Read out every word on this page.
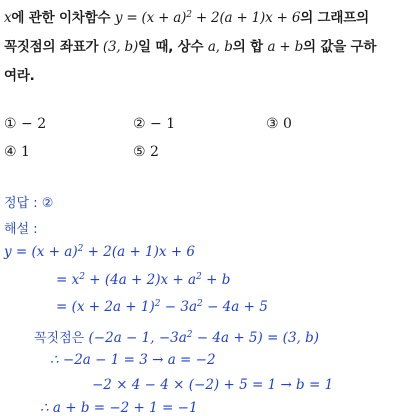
x에 관한 이차함수 $y = (x + a)^2 + 2(a + 1)x + 6$의 그래프의
꼭짓점의 좌표가 (3, b)일 때, 상수 a, b의 합 a + b의 값을 구하
여라.
① − 2	② − 1	③ 0
④ 1	⑤ 2
정답 : ②
해설 :
$y = (x + a)^2 + 2(a + 1)x + 6$
= $x^2 + (4a + 2)x + a^2 + b$
= $(x + 2a + 1)^2 - 3a^2 - 4a + 5$
꼭짓점은 (−2a − 1, $-3a^2 - 4a + 5) = (3$, b)
∴ −2a − 1 = 3 → a = −2
−2 × 4 − 4 × (−2) + 5 = 1 → b = 1
∴ a + b = −2 + 1 = −1
